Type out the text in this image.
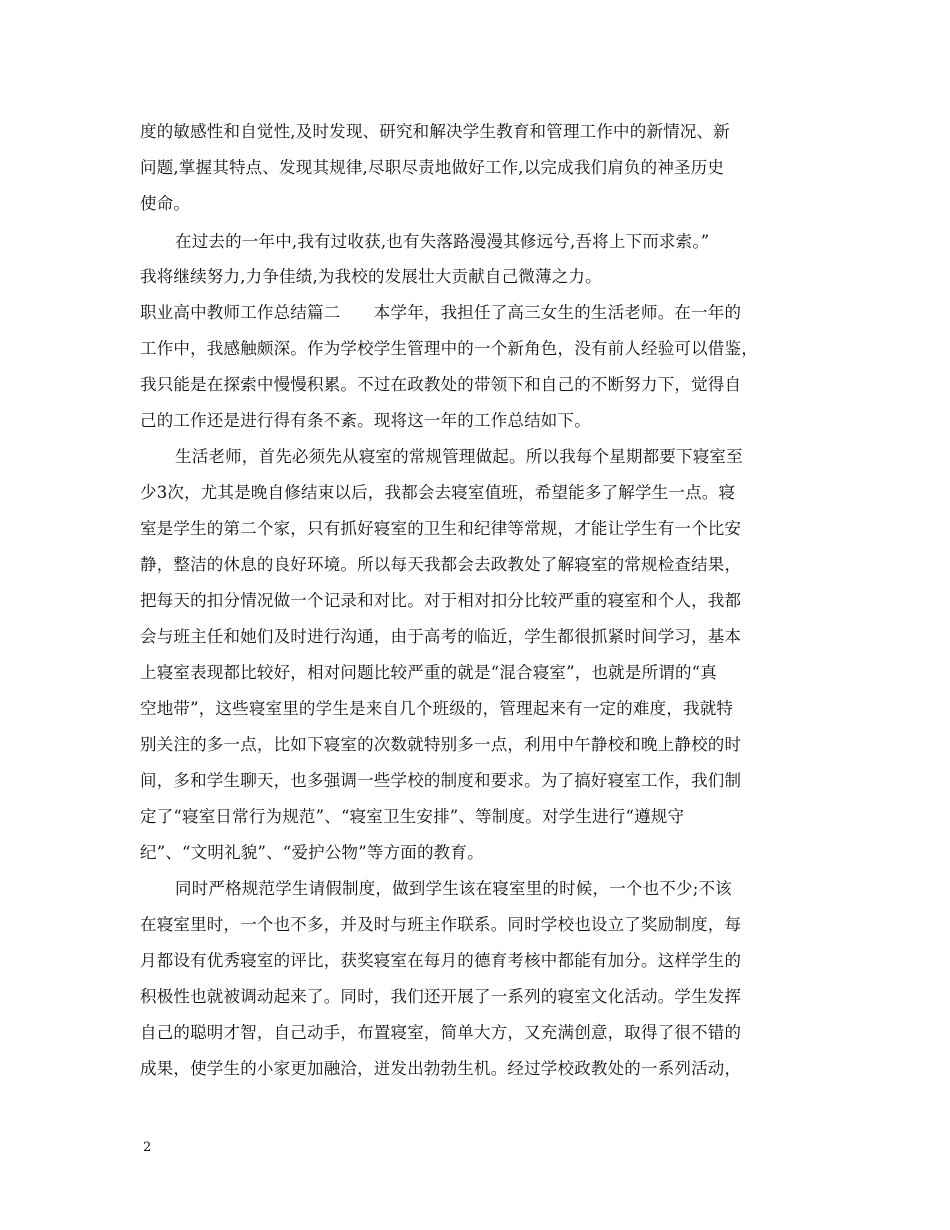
度的敏感性和自觉性,及时发现、研究和解决学生教育和管理工作中的新情况、新
问题,掌握其特点、发现其规律,尽职尽责地做好工作,以完成我们肩负的神圣历史
使命。
在过去的一年中,我有过收获,也有失落路漫漫其修远兮,吾将上下而求索。”
我将继续努力,力争佳绩,为我校的发展壮大贡献自己微薄之力。
职业高中教师工作总结篇二　　本学年，我担任了高三女生的生活老师。在一年的
工作中，我感触颇深。作为学校学生管理中的一个新角色，没有前人经验可以借鉴，
我只能是在探索中慢慢积累。不过在政教处的带领下和自己的不断努力下，觉得自
己的工作还是进行得有条不紊。现将这一年的工作总结如下。
生活老师，首先必须先从寝室的常规管理做起。所以我每个星期都要下寝室至
少3次，尤其是晚自修结束以后，我都会去寝室值班，希望能多了解学生一点。寝
室是学生的第二个家，只有抓好寝室的卫生和纪律等常规，才能让学生有一个比安
静，整洁的休息的良好环境。所以每天我都会去政教处了解寝室的常规检查结果，
把每天的扣分情况做一个记录和对比。对于相对扣分比较严重的寝室和个人，我都
会与班主任和她们及时进行沟通，由于高考的临近，学生都很抓紧时间学习，基本
上寝室表现都比较好，相对问题比较严重的就是“混合寝室”，也就是所谓的“真
空地带”，这些寝室里的学生是来自几个班级的，管理起来有一定的难度，我就特
别关注的多一点，比如下寝室的次数就特别多一点，利用中午静校和晚上静校的时
间，多和学生聊天，也多强调一些学校的制度和要求。为了搞好寝室工作，我们制
定了“寝室日常行为规范”、“寝室卫生安排”、等制度。对学生进行“遵规守
纪”、“文明礼貌”、“爱护公物”等方面的教育。
同时严格规范学生请假制度，做到学生该在寝室里的时候，一个也不少;不该
在寝室里时，一个也不多，并及时与班主作联系。同时学校也设立了奖励制度，每
月都设有优秀寝室的评比，获奖寝室在每月的德育考核中都能有加分。这样学生的
积极性也就被调动起来了。同时，我们还开展了一系列的寝室文化活动。学生发挥
自己的聪明才智，自己动手，布置寝室，简单大方，又充满创意，取得了很不错的
成果，使学生的小家更加融洽，迸发出勃勃生机。经过学校政教处的一系列活动，
2
